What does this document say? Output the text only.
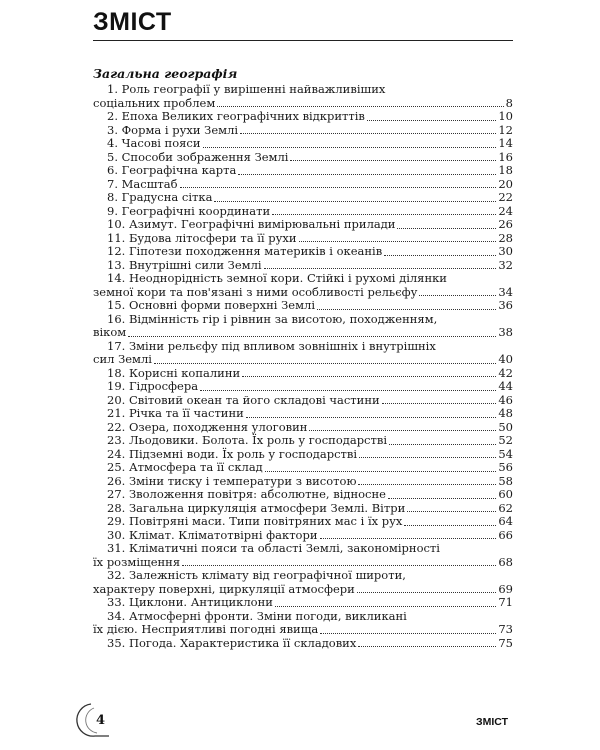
ЗМІСТ
Загальна географія
1. Роль географії у вирішенні найважливіших
соціальних проблем	8
2. Епоха Великих географічних відкриттів	10
3. Форма і рухи Землі	12
4. Часові пояси	14
5. Способи зображення Землі	16
6. Географічна карта	18
7. Масштаб	20
8. Градусна сітка	22
9. Географічні координати	24
10. Азимут. Географічні вимірювальні прилади	26
11. Будова літосфери та її рухи	28
12. Гіпотези походження материків і океанів	30
13. Внутрішні сили Землі	32
14. Неоднорідність земної кори. Стійкі і рухомі ділянки
земної кори та пов'язані з ними особливості рельєфу	34
15. Основні форми поверхні Землі	36
16. Відмінність гір і рівнин за висотою, походженням,
віком	38
17. Зміни рельєфу під впливом зовнішніх і внутрішніх
сил Землі	40
18. Корисні копалини	42
19. Гідросфера	44
20. Світовий океан та його складові частини	46
21. Річка та її частини	48
22. Озера, походження улоговин	50
23. Льодовики. Болота. Їх роль у господарстві	52
24. Підземні води. Їх роль у господарстві	54
25. Атмосфера та її склад	56
26. Зміни тиску і температури з висотою	58
27. Зволоження повітря: абсолютне, відносне	60
28. Загальна циркуляція атмосфери Землі. Вітри	62
29. Повітряні маси. Типи повітряних мас і їх рух	64
30. Клімат. Кліматотвірні фактори	66
31. Кліматичні пояси та області Землі, закономірності
їх розміщення	68
32. Залежність клімату від географічної широти,
характеру поверхні, циркуляції атмосфери	69
33. Циклони. Антициклони	71
34. Атмосферні фронти. Зміни погоди, викликані
їх дією. Несприятливі погодні явища	73
35. Погода. Характеристика її складових	75
4	ЗМІСТ
